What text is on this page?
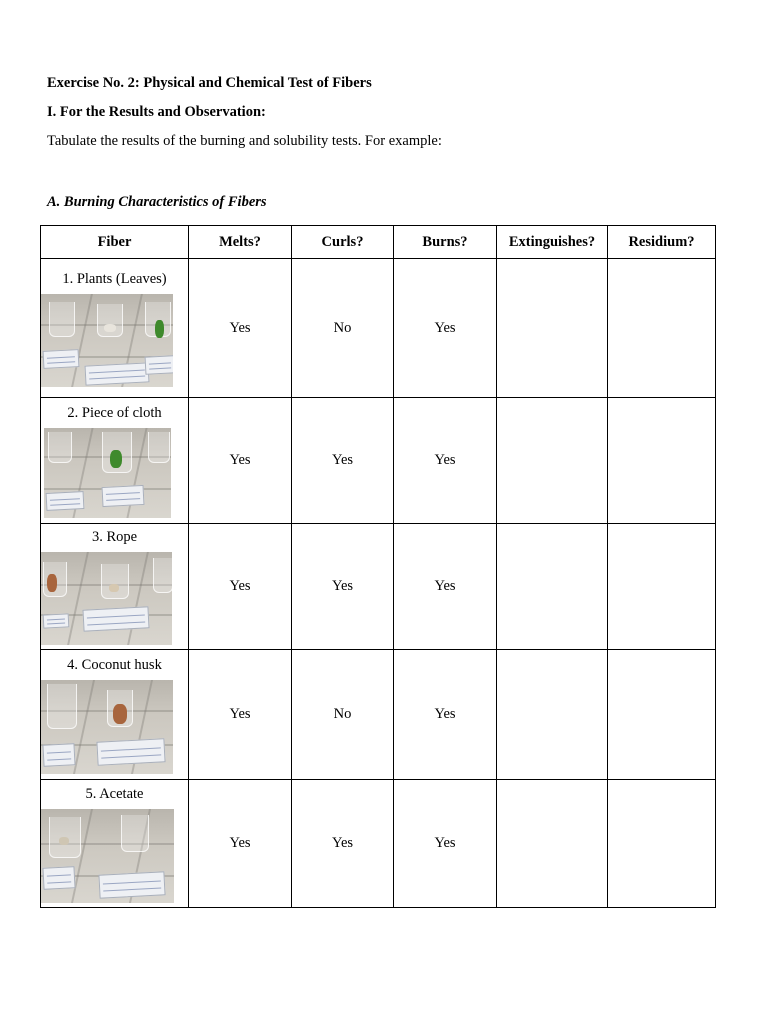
Exercise No. 2: Physical and Chemical Test of Fibers

I. For the Results and Observation:

Tabulate the results of the burning and solubility tests. For example:

A. Burning Characteristics of Fibers

Fiber	Melts?	Curls?	Burns?	Extinguishes?	Residium?

1. Plants (Leaves)	Yes	No	Yes		

2. Piece of cloth	Yes	Yes	Yes		

3. Rope	Yes	Yes	Yes		

4. Coconut husk	Yes	No	Yes		

5. Acetate	Yes	Yes	Yes		
